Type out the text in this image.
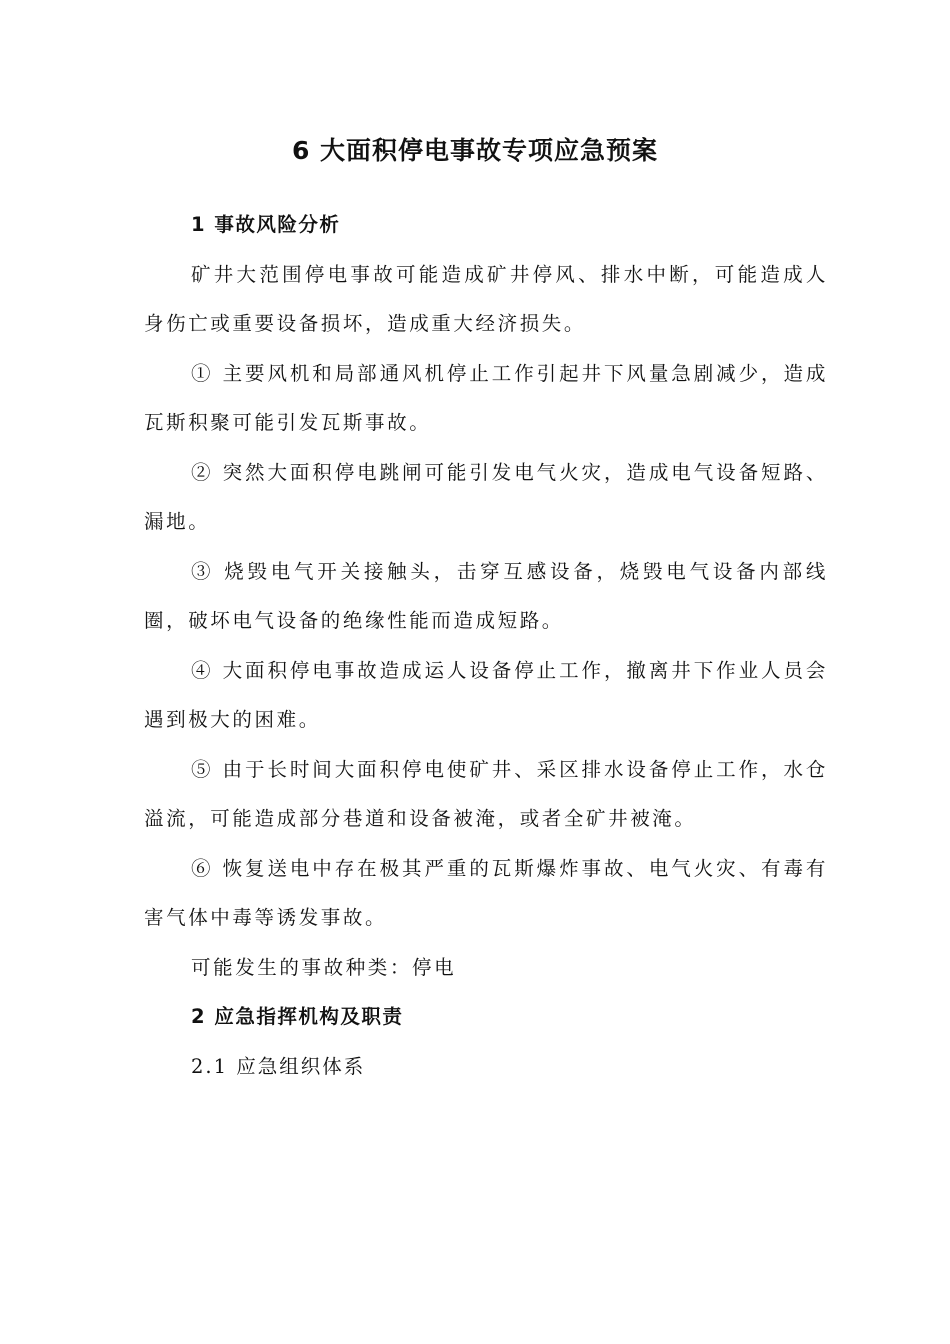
6 大面积停电事故专项应急预案

1 事故风险分析

矿井大范围停电事故可能造成矿井停风、排水中断，可能造成人身伤亡或重要设备损坏，造成重大经济损失。

① 主要风机和局部通风机停止工作引起井下风量急剧减少，造成瓦斯积聚可能引发瓦斯事故。

② 突然大面积停电跳闸可能引发电气火灾，造成电气设备短路、漏地。

③ 烧毁电气开关接触头，击穿互感设备，烧毁电气设备内部线圈，破坏电气设备的绝缘性能而造成短路。

④ 大面积停电事故造成运人设备停止工作，撤离井下作业人员会遇到极大的困难。

⑤ 由于长时间大面积停电使矿井、采区排水设备停止工作，水仓溢流，可能造成部分巷道和设备被淹，或者全矿井被淹。

⑥ 恢复送电中存在极其严重的瓦斯爆炸事故、电气火灾、有毒有害气体中毒等诱发事故。

可能发生的事故种类：停电

2 应急指挥机构及职责

2.1 应急组织体系
